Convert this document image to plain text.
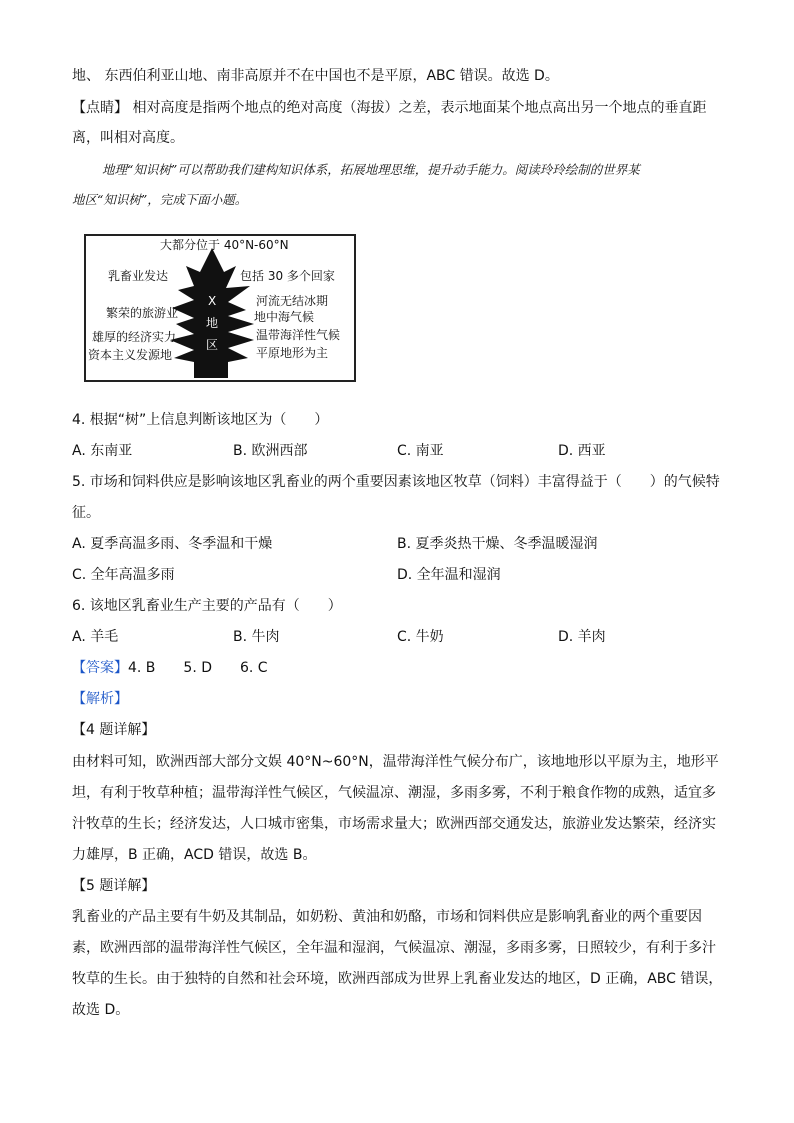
地、 东西伯利亚山地、南非高原并不在中国也不是平原，ABC 错误。故选 D。
【点睛】 相对高度是指两个地点的绝对高度（海拔）之差，表示地面某个地点高出另一个地点的垂直距
离，叫相对高度。
地理“知识树”可以帮助我们建构知识体系，拓展地理思维，提升动手能力。阅读玲玲绘制的世界某
地区“知识树”，完成下面小题。
大都分位于 40°N-60°N
乳畜业发达
繁荣的旅游业
雄厚的经济实力
资本主义发源地
包括 30 多个回家
河流无结冰期
地中海气候
温带海洋性气候
平原地形为主
X
地
区
4. 根据“树”上信息判断该地区为（　　）
A. 东南亚	B. 欧洲西部	C. 南亚	D. 西亚
5. 市场和饲料供应是影响该地区乳畜业的两个重要因素该地区牧草（饲料）丰富得益于（　　）的气候特
征。
A. 夏季高温多雨、冬季温和干燥	B. 夏季炎热干燥、冬季温暖湿润
C. 全年高温多雨	D. 全年温和湿润
6. 该地区乳畜业生产主要的产品有（　　）
A. 羊毛	B. 牛肉	C. 牛奶	D. 羊肉
【答案】4. B　　5. D　　6. C
【解析】
【4 题详解】
由材料可知，欧洲西部大部分文娱 40°N~60°N，温带海洋性气候分布广，该地地形以平原为主，地形平
坦，有利于牧草种植；温带海洋性气候区，气候温凉、潮湿，多雨多雾，不利于粮食作物的成熟，适宜多
汁牧草的生长；经济发达，人口城市密集，市场需求量大；欧洲西部交通发达，旅游业发达繁荣，经济实
力雄厚，B 正确，ACD 错误，故选 B。
【5 题详解】
乳畜业的产品主要有牛奶及其制品，如奶粉、黄油和奶酪，市场和饲料供应是影响乳畜业的两个重要因
素，欧洲西部的温带海洋性气候区，全年温和湿润，气候温凉、潮湿，多雨多雾，日照较少，有利于多汁
牧草的生长。由于独特的自然和社会环境，欧洲西部成为世界上乳畜业发达的地区，D 正确，ABC 错误，
故选 D。
